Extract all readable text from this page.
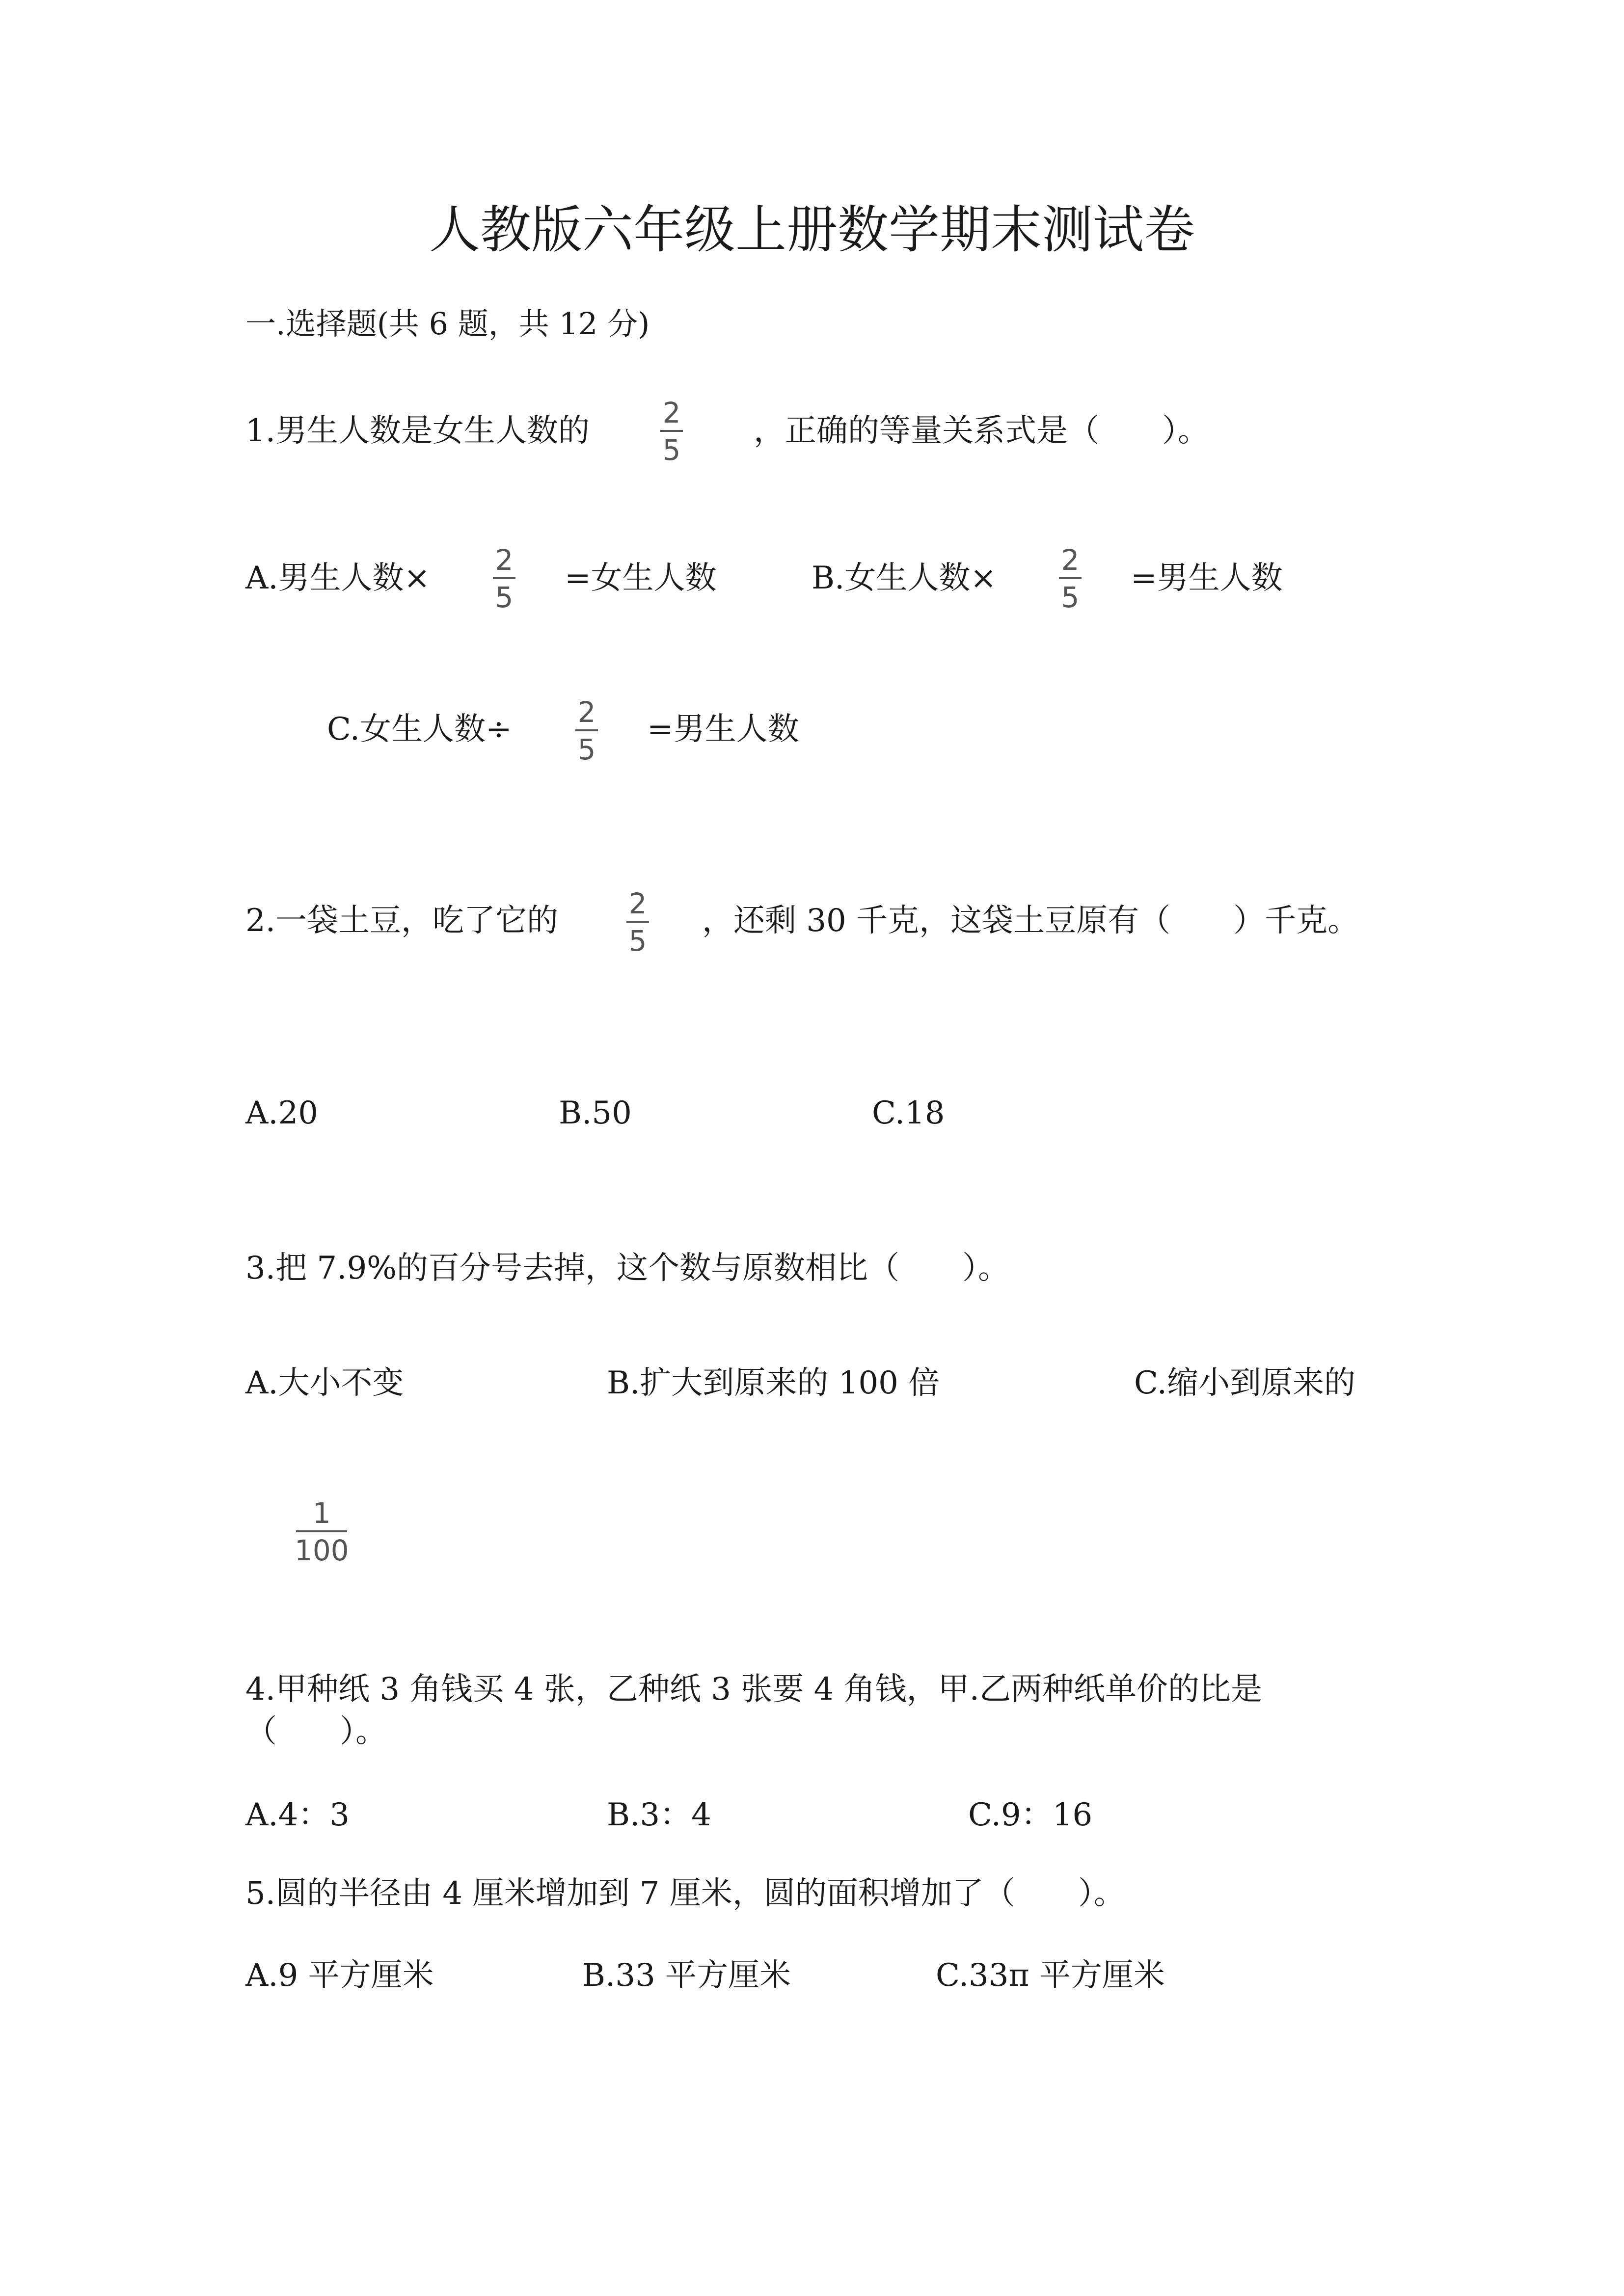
人教版六年级上册数学期末测试卷
一.选择题(共 6 题，共 12 分)
1.男生人数是女生人数的	2
5
，正确的等量关系式是（　　）。
A.男生人数× 2
5
=女生人数	B.女生人数× 2
5
=男生人数
C.女生人数÷ 2
5
=男生人数
2.一袋土豆，吃了它的 2
5
，还剩 30 千克，这袋土豆原有（　　）千克。
A.20	B.50	C.18
3.把 7.9%的百分号去掉，这个数与原数相比（　　）。
A.大小不变	B.扩大到原来的 100 倍	C.缩小到原来的
1
100
4.甲种纸 3 角钱买 4 张，乙种纸 3 张要 4 角钱，甲.乙两种纸单价的比是
（　　）。
A.4：3	B.3：4	C.9：16
5.圆的半径由 4 厘米增加到 7 厘米，圆的面积增加了（　　）。
A.9 平方厘米	B.33 平方厘米	C.33π 平方厘米
